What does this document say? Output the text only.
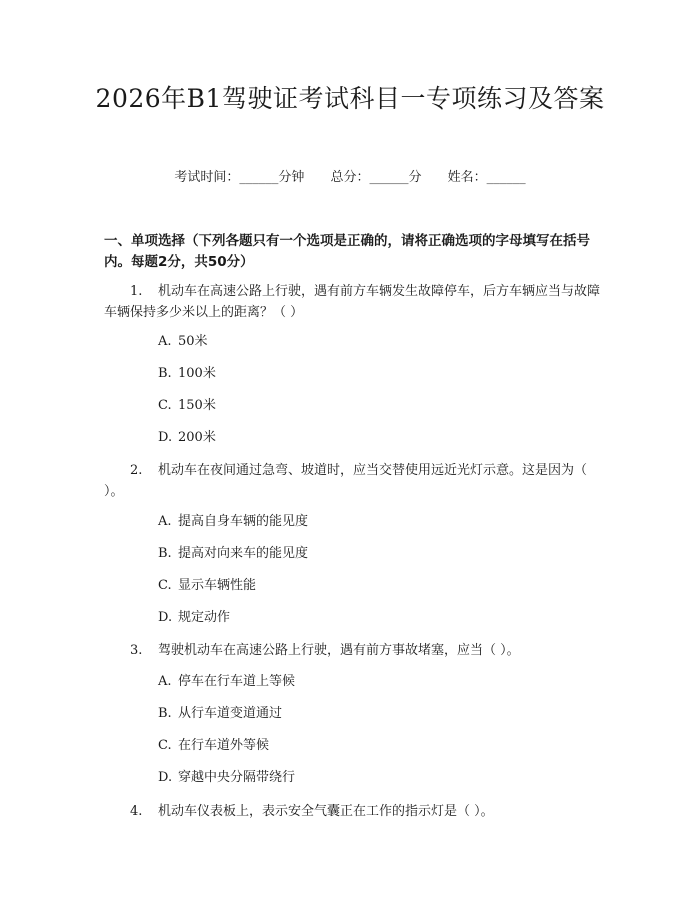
2026年B1驾驶证考试科目一专项练习及答案
考试时间：______分钟 总分：______分 姓名：______
一、单项选择（下列各题只有一个选项是正确的，请将正确选项的字母填写在括号内。每题2分，共50分）
1. 机动车在高速公路上行驶，遇有前方车辆发生故障停车，后方车辆应当与故障车辆保持多少米以上的距离？（ ）
A. 50米
B. 100米
C. 150米
D. 200米
2. 机动车在夜间通过急弯、坡道时，应当交替使用远近光灯示意。这是因为（ ）。
A. 提高自身车辆的能见度
B. 提高对向来车的能见度
C. 显示车辆性能
D. 规定动作
3. 驾驶机动车在高速公路上行驶，遇有前方事故堵塞，应当（ ）。
A. 停车在行车道上等候
B. 从行车道变道通过
C. 在行车道外等候
D. 穿越中央分隔带绕行
4. 机动车仪表板上，表示安全气囊正在工作的指示灯是（ ）。
